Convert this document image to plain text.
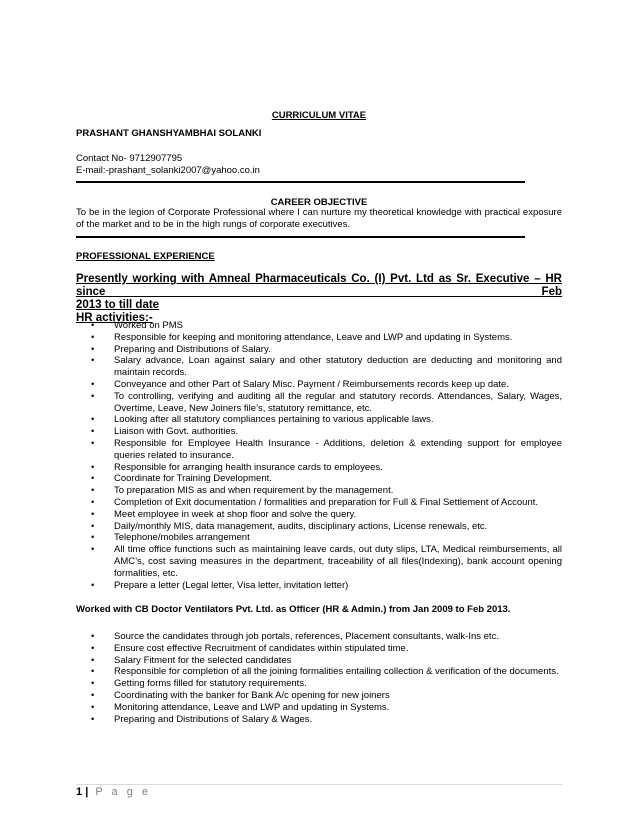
CURRICULUM VITAE
PRASHANT GHANSHYAMBHAI SOLANKI
Contact No- 9712907795
E-mail:-prashant_solanki2007@yahoo.co.in
CAREER OBJECTIVE
To be in the legion of Corporate Professional where I can nurture my theoretical knowledge with practical exposure of the market and to be in the high rungs of corporate executives.
PROFESSIONAL EXPERIENCE
Presently working with Amneal Pharmaceuticals Co. (I) Pvt. Ltd as Sr. Executive – HR since Feb
2013 to till date
HR activities:-
• Worked on PMS
• Responsible for keeping and monitoring attendance, Leave and LWP and updating in Systems.
• Preparing and Distributions of Salary.
• Salary advance, Loan against salary and other statutory deduction are deducting and monitoring and maintain records.
• Conveyance and other Part of Salary Misc. Payment / Reimbursements records keep up date.
• To controlling, verifying and auditing all the regular and statutory records. Attendances, Salary, Wages, Overtime, Leave, New Joiners file’s, statutory remittance, etc.
• Looking after all statutory compliances pertaining to various applicable laws.
• Liaison with Govt. authorities.
• Responsible for Employee Health Insurance - Additions, deletion & extending support for employee queries related to insurance.
• Responsible for arranging health insurance cards to employees.
• Coordinate for Training Development.
• To preparation MIS as and when requirement by the management.
• Completion of Exit documentation / formalities and preparation for Full & Final Settlement of Account.
• Meet employee in week at shop floor and solve the query.
• Daily/monthly MIS, data management, audits, disciplinary actions, License renewals, etc.
• Telephone/mobiles arrangement
• All time office functions such as maintaining leave cards, out duty slips, LTA, Medical reimbursements, all AMC’s, cost saving measures in the department, traceability of all files(Indexing), bank account opening formalities, etc.
• Prepare a letter (Legal letter, Visa letter, invitation letter)
Worked with CB Doctor Ventilators Pvt. Ltd. as Officer (HR & Admin.) from Jan 2009 to Feb 2013.
• Source the candidates through job portals, references, Placement consultants, walk-Ins etc.
• Ensure cost effective Recruitment of candidates within stipulated time.
• Salary Fitment for the selected candidates
• Responsible for completion of all the joining formalities entailing collection & verification of the documents.
• Getting forms filled for statutory requirements.
• Coordinating with the banker for Bank A/c opening for new joiners
• Monitoring attendance, Leave and LWP and updating in Systems.
• Preparing and Distributions of Salary & Wages.
1 | P a g e
